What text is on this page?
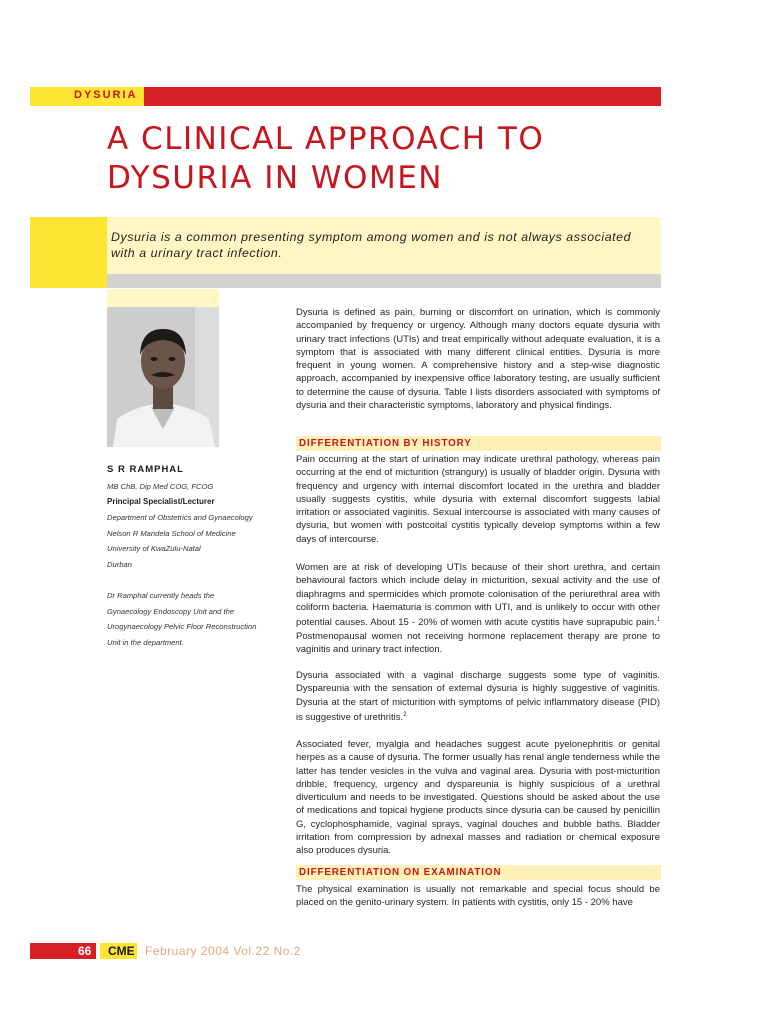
DYSURIA
A CLINICAL APPROACH TO
DYSURIA IN WOMEN
Dysuria is a common presenting symptom among women and is not always associated with a urinary tract infection.
S R RAMPHAL
MB ChB, Dip Med COG, FCOG
Principal Specialist/Lecturer
Department of Obstetrics and Gynaecology
Nelson R Mandela School of Medicine
University of KwaZulu-Natal
Durban
Dr Ramphal currently heads the
Gynaecology Endoscopy Unit and the
Urogynaecology Pelvic Floor Reconstruction
Unit in the department.

Dysuria is defined as pain, burning or discomfort on urination, which is commonly accompanied by frequency or urgency. Although many doctors equate dysuria with urinary tract infections (UTIs) and treat empirically without adequate evaluation, it is a symptom that is associated with many different clinical entities. Dysuria is more frequent in young women. A comprehensive history and a step-wise diagnostic approach, accompanied by inexpensive office laboratory testing, are usually sufficient to determine the cause of dysuria. Table I lists disorders associated with symptoms of dysuria and their characteristic symptoms, laboratory and physical findings.

DIFFERENTIATION BY HISTORY

Pain occurring at the start of urination may indicate urethral pathology, whereas pain occurring at the end of micturition (strangury) is usually of bladder origin. Dysuria with frequency and urgency with internal discomfort located in the urethra and bladder usually suggests cystitis, while dysuria with external discomfort suggests labial irritation or associated vaginitis. Sexual intercourse is associated with many causes of dysuria, but women with postcoital cystitis typically develop symptoms within a few days of intercourse.

Women are at risk of developing UTIs because of their short urethra, and certain behavioural factors which include delay in micturition, sexual activity and the use of diaphragms and spermicides which promote colonisation of the periurethral area with coliform bacteria. Haematuria is common with UTI, and is unlikely to occur with other potential causes. About 15 - 20% of women with acute cystitis have suprapubic pain.$^1$ Postmenopausal women not receiving hormone replacement therapy are prone to vaginitis and urinary tract infection.

Dysuria associated with a vaginal discharge suggests some type of vaginitis. Dyspareunia with the sensation of external dysuria is highly suggestive of vaginitis. Dysuria at the start of micturition with symptoms of pelvic inflammatory disease (PID) is suggestive of urethritis.$^2$

Associated fever, myalgia and headaches suggest acute pyelonephritis or genital herpes as a cause of dysuria. The former usually has renal angle tenderness while the latter has tender vesicles in the vulva and vaginal area. Dysuria with post-micturition dribble, frequency, urgency and dyspareunia is highly suspicious of a urethral diverticulum and needs to be investigated. Questions should be asked about the use of medications and topical hygiene products since dysuria can be caused by penicillin G, cyclophosphamide, vaginal sprays, vaginal douches and bubble baths. Bladder irritation from compression by adnexal masses and radiation or chemical exposure also produces dysuria.

DIFFERENTIATION ON EXAMINATION

The physical examination is usually not remarkable and special focus should be placed on the genito-urinary system. In patients with cystitis, only 15 - 20% have

66 CME February 2004 Vol.22 No.2
